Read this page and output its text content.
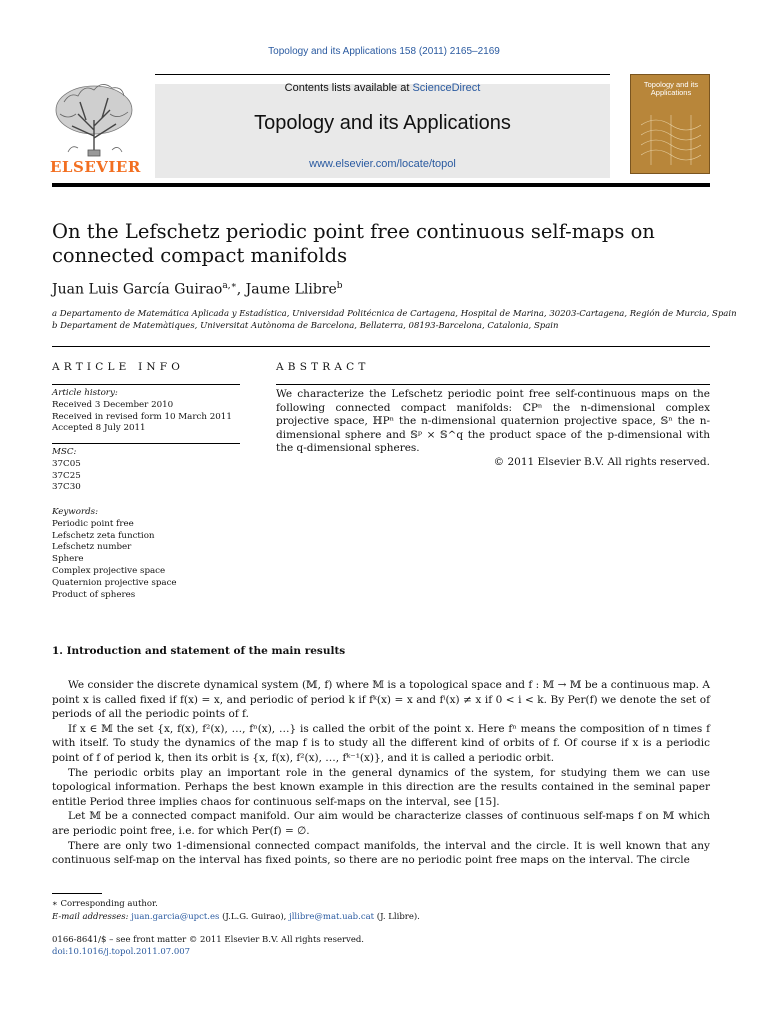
Topology and its Applications 158 (2011) 2165–2169
Contents lists available at ScienceDirect
Topology and its Applications
www.elsevier.com/locate/topol
ELSEVIER
Topology and its Applications
On the Lefschetz periodic point free continuous self-maps on connected compact manifolds
Juan Luis García Guirao$^{a,∗}$, Jaume Llibre$^b$
a Departamento de Matemática Aplicada y Estadística, Universidad Politécnica de Cartagena, Hospital de Marina, 30203-Cartagena, Región de Murcia, Spain
b Departament de Matemàtiques, Universitat Autònoma de Barcelona, Bellaterra, 08193-Barcelona, Catalonia, Spain
ARTICLE INFO	ABSTRACT
Article history:
Received 3 December 2010
Received in revised form 10 March 2011
Accepted 8 July 2011
MSC:
37C05
37C25
37C30
Keywords:
Periodic point free
Lefschetz zeta function
Lefschetz number
Sphere
Complex projective space
Quaternion projective space
Product of spheres
We characterize the Lefschetz periodic point free self-continuous maps on the following connected compact manifolds: ℂPⁿ the n-dimensional complex projective space, ℍPⁿ the n-dimensional quaternion projective space, 𝕊ⁿ the n-dimensional sphere and 𝕊ᵖ × 𝕊^q the product space of the p-dimensional with the q-dimensional spheres.
© 2011 Elsevier B.V. All rights reserved.
1. Introduction and statement of the main results

We consider the discrete dynamical system (𝕄, f) where 𝕄 is a topological space and f : 𝕄 → 𝕄 be a continuous map. A point x is called fixed if f(x) = x, and periodic of period k if fᵏ(x) = x and fⁱ(x) ≠ x if 0 < i < k. By Per(f) we denote the set of periods of all the periodic points of f.

If x ∈ 𝕄 the set {x, f(x), f²(x), …, fⁿ(x), …} is called the orbit of the point x. Here fⁿ means the composition of n times f with itself. To study the dynamics of the map f is to study all the different kind of orbits of f. Of course if x is a periodic point of f of period k, then its orbit is {x, f(x), f²(x), …, fᵏ⁻¹(x)}, and it is called a periodic orbit.

The periodic orbits play an important role in the general dynamics of the system, for studying them we can use topological information. Perhaps the best known example in this direction are the results contained in the seminal paper entitle Period three implies chaos for continuous self-maps on the interval, see [15].

Let 𝕄 be a connected compact manifold. Our aim would be characterize classes of continuous self-maps f on 𝕄 which are periodic point free, i.e. for which Per(f) = ∅.

There are only two 1-dimensional connected compact manifolds, the interval and the circle. It is well known that any continuous self-map on the interval has fixed points, so there are no periodic point free maps on the interval. The circle

∗ Corresponding author.
E-mail addresses: juan.garcia@upct.es (J.L.G. Guirao), jllibre@mat.uab.cat (J. Llibre).
0166-8641/$ – see front matter © 2011 Elsevier B.V. All rights reserved.
doi:10.1016/j.topol.2011.07.007
